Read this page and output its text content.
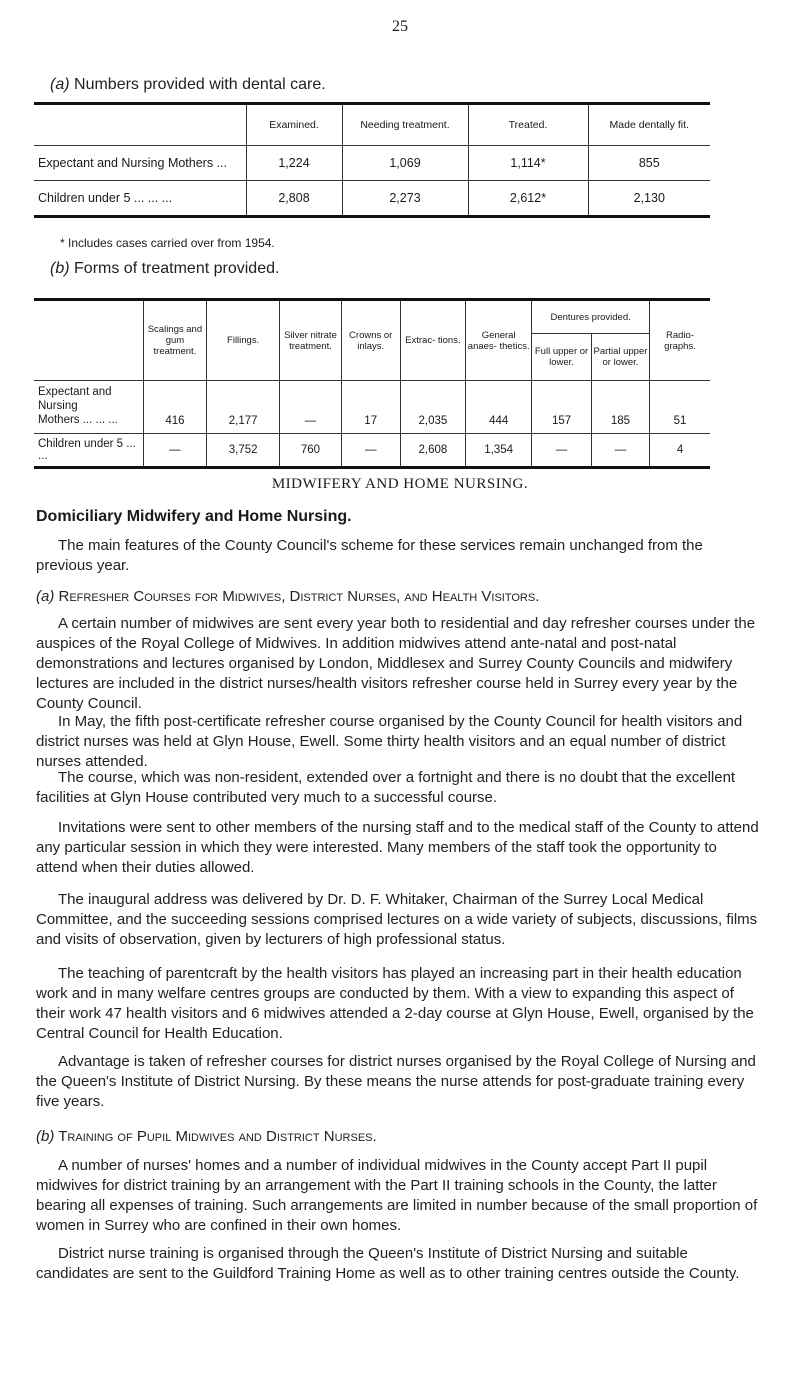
25
(a) Numbers provided with dental care.
	Examined.	Needing treatment.	Treated.	Made dentally fit.
Expectant and Nursing Mothers ...	1,224	1,069	1,114*	855
Children under 5 ... ... ...	2,808	2,273	2,612*	2,130
* Includes cases carried over from 1954.
(b) Forms of treatment provided.
	Scalings and gum treatment.	Fillings.	Silver nitrate treatment.	Crowns or inlays.	Extrac- tions.	General anaes- thetics.	Dentures provided.		Radio- graphs.
							Full upper or lower.	Partial upper or lower.	
Expectant and Nursing
Mothers ... ... ...	416	2,177	—	17	2,035	444	157	185	51
Children under 5 ... ...	—	3,752	760	—	2,608	1,354	—	—	4
MIDWIFERY AND HOME NURSING.
Domiciliary Midwifery and Home Nursing.
The main features of the County Council's scheme for these services remain unchanged from the previous year.
(a) Refresher Courses for Midwives, District Nurses, and Health Visitors.
A certain number of midwives are sent every year both to residential and day refresher courses under the auspices of the Royal College of Midwives. In addition midwives attend ante-natal and post-natal demonstrations and lectures organised by London, Middlesex and Surrey County Councils and midwifery lectures are included in the district nurses/health visitors refresher course held in Surrey every year by the County Council.
In May, the fifth post-certificate refresher course organised by the County Council for health visitors and district nurses was held at Glyn House, Ewell. Some thirty health visitors and an equal number of district nurses attended.
The course, which was non-resident, extended over a fortnight and there is no doubt that the excellent facilities at Glyn House contributed very much to a successful course.
Invitations were sent to other members of the nursing staff and to the medical staff of the County to attend any particular session in which they were interested. Many members of the staff took the opportunity to attend when their duties allowed.
The inaugural address was delivered by Dr. D. F. Whitaker, Chairman of the Surrey Local Medical Committee, and the succeeding sessions comprised lectures on a wide variety of subjects, discussions, films and visits of observation, given by lecturers of high professional status.
The teaching of parentcraft by the health visitors has played an increasing part in their health education work and in many welfare centres groups are conducted by them. With a view to expanding this aspect of their work 47 health visitors and 6 midwives attended a 2-day course at Glyn House, Ewell, organised by the Central Council for Health Education.
Advantage is taken of refresher courses for district nurses organised by the Royal College of Nursing and the Queen's Institute of District Nursing. By these means the nurse attends for post-graduate training every five years.
(b) Training of Pupil Midwives and District Nurses.
A number of nurses' homes and a number of individual midwives in the County accept Part II pupil midwives for district training by an arrangement with the Part II training schools in the County, the latter bearing all expenses of training. Such arrangements are limited in number because of the small proportion of women in Surrey who are confined in their own homes.
District nurse training is organised through the Queen's Institute of District Nursing and suitable candidates are sent to the Guildford Training Home as well as to other training centres outside the County.
